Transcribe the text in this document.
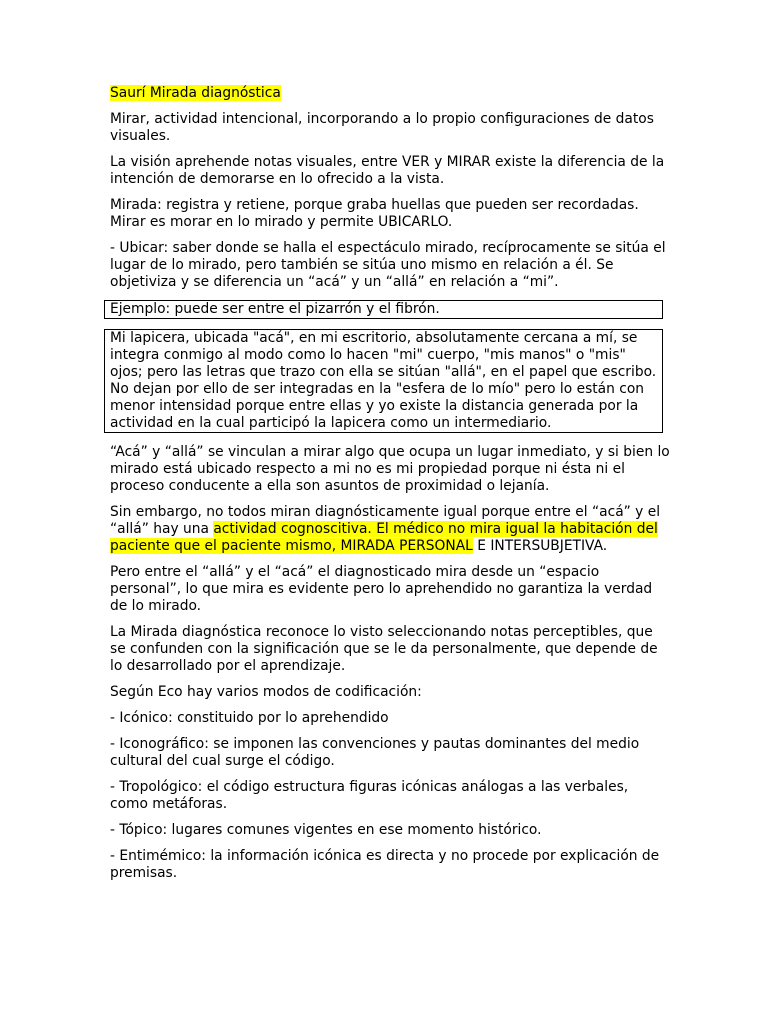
Saurí Mirada diagnóstica

Mirar, actividad intencional, incorporando a lo propio configuraciones de datos visuales.

La visión aprehende notas visuales, entre VER y MIRAR existe la diferencia de la intención de demorarse en lo ofrecido a la vista.

Mirada: registra y retiene, porque graba huellas que pueden ser recordadas. Mirar es morar en lo mirado y permite UBICARLO.

- Ubicar: saber donde se halla el espectáculo mirado, recíprocamente se sitúa el lugar de lo mirado, pero también se sitúa uno mismo en relación a él. Se objetiviza y se diferencia un “acá” y un “allá” en relación a “mi”.

Ejemplo: puede ser entre el pizarrón y el fibrón.
Mi lapicera, ubicada "acá", en mi escritorio, absolutamente cercana a mí, se integra conmigo al modo como lo hacen "mi" cuerpo, "mis manos" o "mis" ojos; pero las letras que trazo con ella se sitúan "allá", en el papel que escribo. No dejan por ello de ser integradas en la "esfera de lo mío" pero lo están con menor intensidad porque entre ellas y yo existe la distancia generada por la actividad en la cual participó la lapicera como un intermediario.

“Acá” y “allá” se vinculan a mirar algo que ocupa un lugar inmediato, y si bien lo mirado está ubicado respecto a mi no es mi propiedad porque ni ésta ni el proceso conducente a ella son asuntos de proximidad o lejanía.

Sin embargo, no todos miran diagnósticamente igual porque entre el “acá” y el “allá” hay una actividad cognoscitiva. El médico no mira igual la habitación del paciente que el paciente mismo, MIRADA PERSONAL E INTERSUBJETIVA.

Pero entre el “allá” y el “acá” el diagnosticado mira desde un “espacio personal”, lo que mira es evidente pero lo aprehendido no garantiza la verdad de lo mirado.

La Mirada diagnóstica reconoce lo visto seleccionando notas perceptibles, que se confunden con la significación que se le da personalmente, que depende de lo desarrollado por el aprendizaje.

Según Eco hay varios modos de codificación:

- Icónico: constituido por lo aprehendido

- Iconográfico: se imponen las convenciones y pautas dominantes del medio cultural del cual surge el código.

- Tropológico: el código estructura figuras icónicas análogas a las verbales, como metáforas.

- Tópico: lugares comunes vigentes en ese momento histórico.

- Entimémico: la información icónica es directa y no procede por explicación de premisas.
